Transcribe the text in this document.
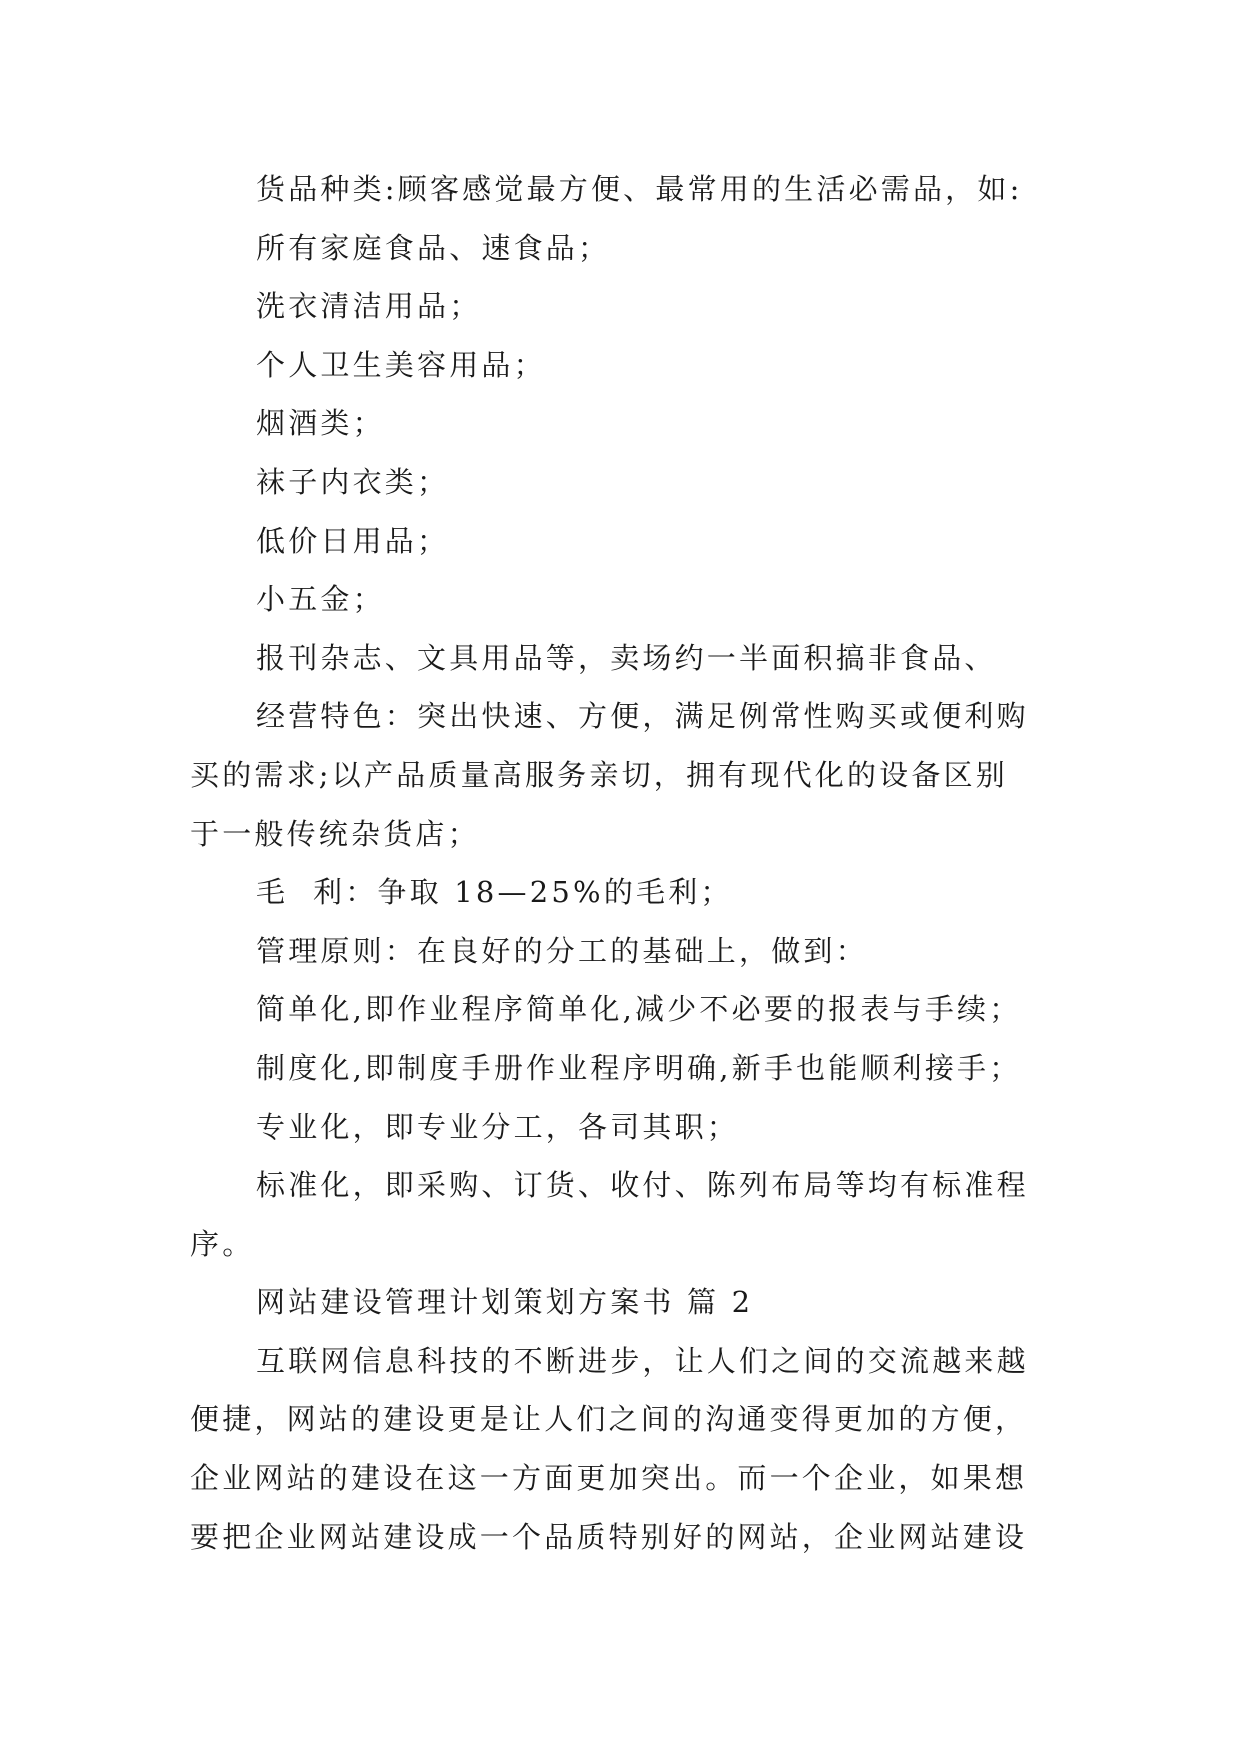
货品种类:顾客感觉最方便、最常用的生活必需品，如:
所有家庭食品、速食品；
洗衣清洁用品；
个人卫生美容用品；
烟酒类；
袜子内衣类；
低价日用品；
小五金；
报刊杂志、文具用品等，卖场约一半面积搞非食品、
经营特色：突出快速、方便，满足例常性购买或便利购
买的需求;以产品质量高服务亲切，拥有现代化的设备区别
于一般传统杂货店；
毛  利：争取 18—25%的毛利；
管理原则：在良好的分工的基础上，做到：
简单化,即作业程序简单化,减少不必要的报表与手续；
制度化,即制度手册作业程序明确,新手也能顺利接手；
专业化，即专业分工，各司其职；
标准化，即采购、订货、收付、陈列布局等均有标准程
序。
网站建设管理计划策划方案书 篇 2
互联网信息科技的不断进步，让人们之间的交流越来越
便捷，网站的建设更是让人们之间的沟通变得更加的方便，
企业网站的建设在这一方面更加突出。而一个企业，如果想
要把企业网站建设成一个品质特别好的网站，企业网站建设
